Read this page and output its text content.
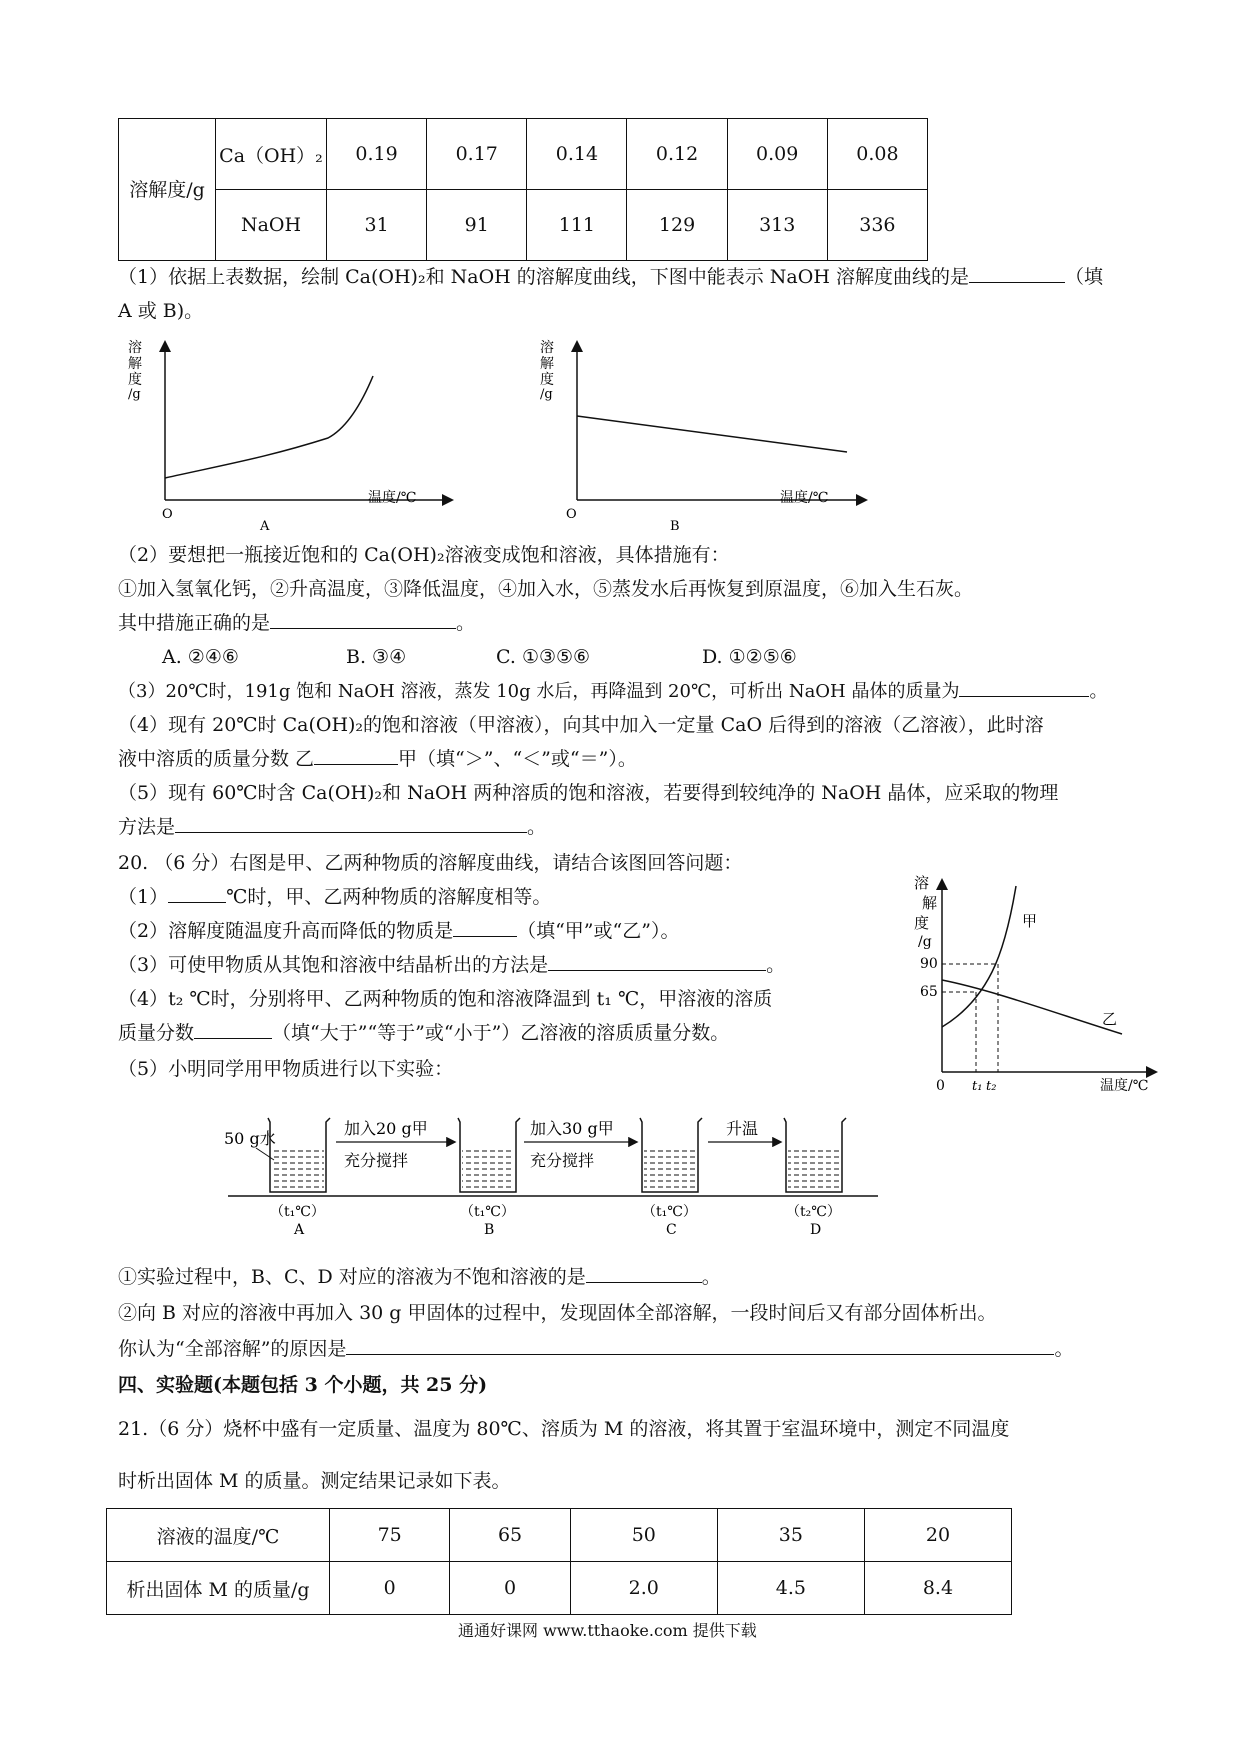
溶解度/g	Ca（OH）₂	0.19	0.17	0.14	0.12	0.09	0.08
	NaOH	31	91	111	129	313	336
（1）依据上表数据，绘制 Ca(OH)₂和 NaOH 的溶解度曲线，下图中能表示 NaOH 溶解度曲线的是	（填
A 或 B)。
溶
解
度
/g
O
温度/℃
A
溶
解
度
/g
O
温度/℃
B
（2）要想把一瓶接近饱和的 Ca(OH)₂溶液变成饱和溶液，具体措施有：
①加入氢氧化钙，②升高温度，③降低温度，④加入水，⑤蒸发水后再恢复到原温度，⑥加入生石灰。
其中措施正确的是	。
A. ②④⑥	B. ③④	C. ①③⑤⑥	D. ①②⑤⑥
（3）20℃时，191g 饱和 NaOH 溶液，蒸发 10g 水后，再降温到 20℃，可析出 NaOH 晶体的质量为	。
（4）现有 20℃时 Ca(OH)₂的饱和溶液（甲溶液），向其中加入一定量 CaO 后得到的溶液（乙溶液），此时溶
液中溶质的质量分数 乙	甲（填“＞”、“＜”或“＝”）。
（5）现有 60℃时含 Ca(OH)₂和 NaOH 两种溶质的饱和溶液，若要得到较纯净的 NaOH 晶体，应采取的物理
方法是	。
20. （6 分）右图是甲、乙两种物质的溶解度曲线，请结合该图回答问题：
（1）	℃时，甲、乙两种物质的溶解度相等。
（2）溶解度随温度升高而降低的物质是	（填“甲”或“乙”）。
（3）可使甲物质从其饱和溶液中结晶析出的方法是	。
（4）t₂ ℃时，分别将甲、乙两种物质的饱和溶液降温到 t₁ ℃，甲溶液的溶质
质量分数	（填“大于”“等于”或“小于”）乙溶液的溶质质量分数。
（5）小明同学用甲物质进行以下实验：
溶
解
度
/g
90
65
0 t₁ t₂	温度/℃
甲
乙
50 g水
加入20 g甲
充分搅拌
加入30 g甲
充分搅拌
升温
（t₁℃）	（t₁℃）	（t₁℃）	（t₂℃）
A	B	C	D
①实验过程中，B、C、D 对应的溶液为不饱和溶液的是	。
②向 B 对应的溶液中再加入 30 g 甲固体的过程中，发现固体全部溶解，一段时间后又有部分固体析出。
你认为“全部溶解”的原因是	。
四、实验题(本题包括 3 个小题，共 25 分)
21.（6 分）烧杯中盛有一定质量、温度为 80℃、溶质为 M 的溶液，将其置于室温环境中，测定不同温度
时析出固体 M 的质量。测定结果记录如下表。
溶液的温度/℃	75	65	50	35	20
析出固体 M 的质量/g	0	0	2.0	4.5	8.4
通通好课网 www.tthaoke.com 提供下载
